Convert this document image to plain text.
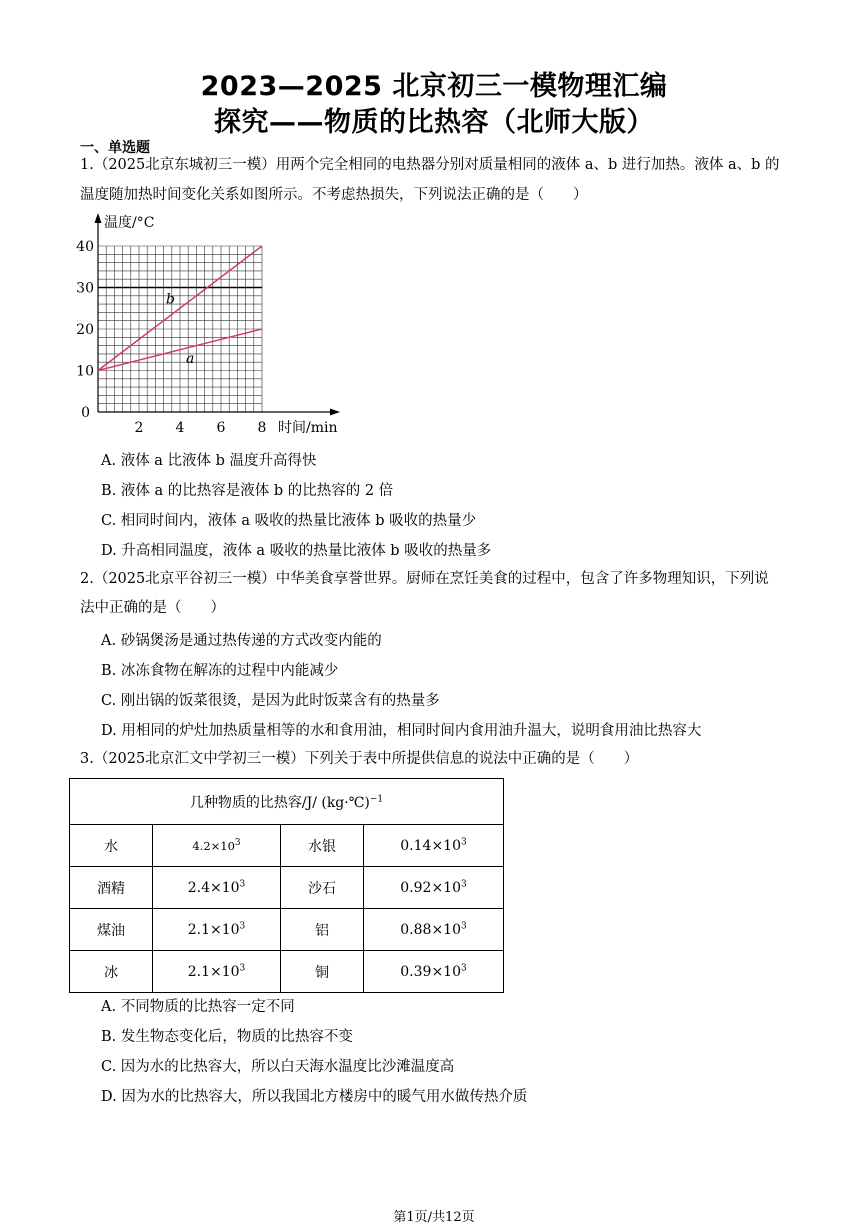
2023—2025 北京初三一模物理汇编
探究——物质的比热容（北师大版）
一、单选题
1.（2025北京东城初三一模）用两个完全相同的电热器分别对质量相同的液体 a、b 进行加热。液体 a、b 的
温度随加热时间变化关系如图所示。不考虑热损失，下列说法正确的是（　　）
2 4 6 8
10
20
30
40
0
温度/°C
时间/min
b
a
A. 液体 a 比液体 b 温度升高得快
B. 液体 a 的比热容是液体 b 的比热容的 2 倍
C. 相同时间内，液体 a 吸收的热量比液体 b 吸收的热量少
D. 升高相同温度，液体 a 吸收的热量比液体 b 吸收的热量多
2.（2025北京平谷初三一模）中华美食享誉世界。厨师在烹饪美食的过程中，包含了许多物理知识，下列说
法中正确的是（　　）
A. 砂锅煲汤是通过热传递的方式改变内能的
B. 冰冻食物在解冻的过程中内能减少
C. 刚出锅的饭菜很烫，是因为此时饭菜含有的热量多
D. 用相同的炉灶加热质量相等的水和食用油，相同时间内食用油升温大，说明食用油比热容大
3.（2025北京汇文中学初三一模）下列关于表中所提供信息的说法中正确的是（　　）
几种物质的比热容/J/ (kg·℃)$^{-1}$
水	$4.2\times 10^3$	水银	$0.14\times 10^3$
酒精	$2.4\times 10^3$	沙石	$0.92\times 10^3$
煤油	$2.1\times 10^3$	铝	$0.88\times 10^3$
冰	$2.1\times 10^3$	铜	$0.39\times 10^3$
A. 不同物质的比热容一定不同
B. 发生物态变化后，物质的比热容不变
C. 因为水的比热容大，所以白天海水温度比沙滩温度高
D. 因为水的比热容大，所以我国北方楼房中的暖气用水做传热介质
第1页/共12页
